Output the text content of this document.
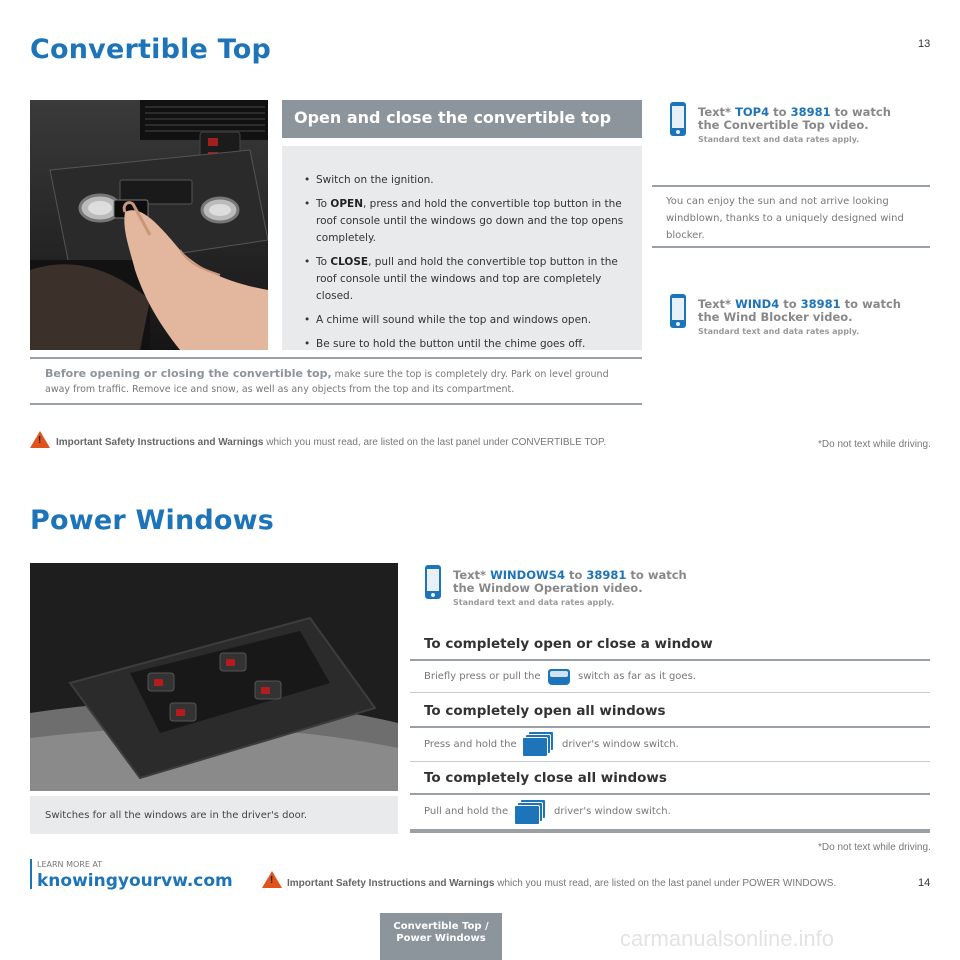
Convertible Top	13
Open and close the convertible top
• Switch on the ignition.
• To OPEN, press and hold the convertible top button in the roof console until the windows go down and the top opens completely.
• To CLOSE, pull and hold the convertible top button in the roof console until the windows and top are completely closed.
• A chime will sound while the top and windows open.
• Be sure to hold the button until the chime goes off.
Text* TOP4 to 38981 to watch
the Convertible Top video.
Standard text and data rates apply.
You can enjoy the sun and not arrive looking windblown, thanks to a uniquely designed wind blocker.
Text* WIND4 to 38981 to watch
the Wind Blocker video.
Standard text and data rates apply.
Before opening or closing the convertible top, make sure the top is completely dry. Park on level ground away from traffic. Remove ice and snow, as well as any objects from the top and its compartment.
! Important Safety Instructions and Warnings which you must read, are listed on the last panel under CONVERTIBLE TOP.	*Do not text while driving.
Power Windows
Switches for all the windows are in the driver's door.
Text* WINDOWS4 to 38981 to watch
the Window Operation video.
Standard text and data rates apply.
To completely open or close a window
Briefly press or pull the	switch as far as it goes.
To completely open all windows
Press and hold the	driver's window switch.
To completely close all windows
Pull and hold the	driver's window switch.
*Do not text while driving.
LEARN MORE AT
knowingyourvw.com	! Important Safety Instructions and Warnings which you must read, are listed on the last panel under POWER WINDOWS.	14
Convertible Top /
Power Windows	carmanualsonline.info
